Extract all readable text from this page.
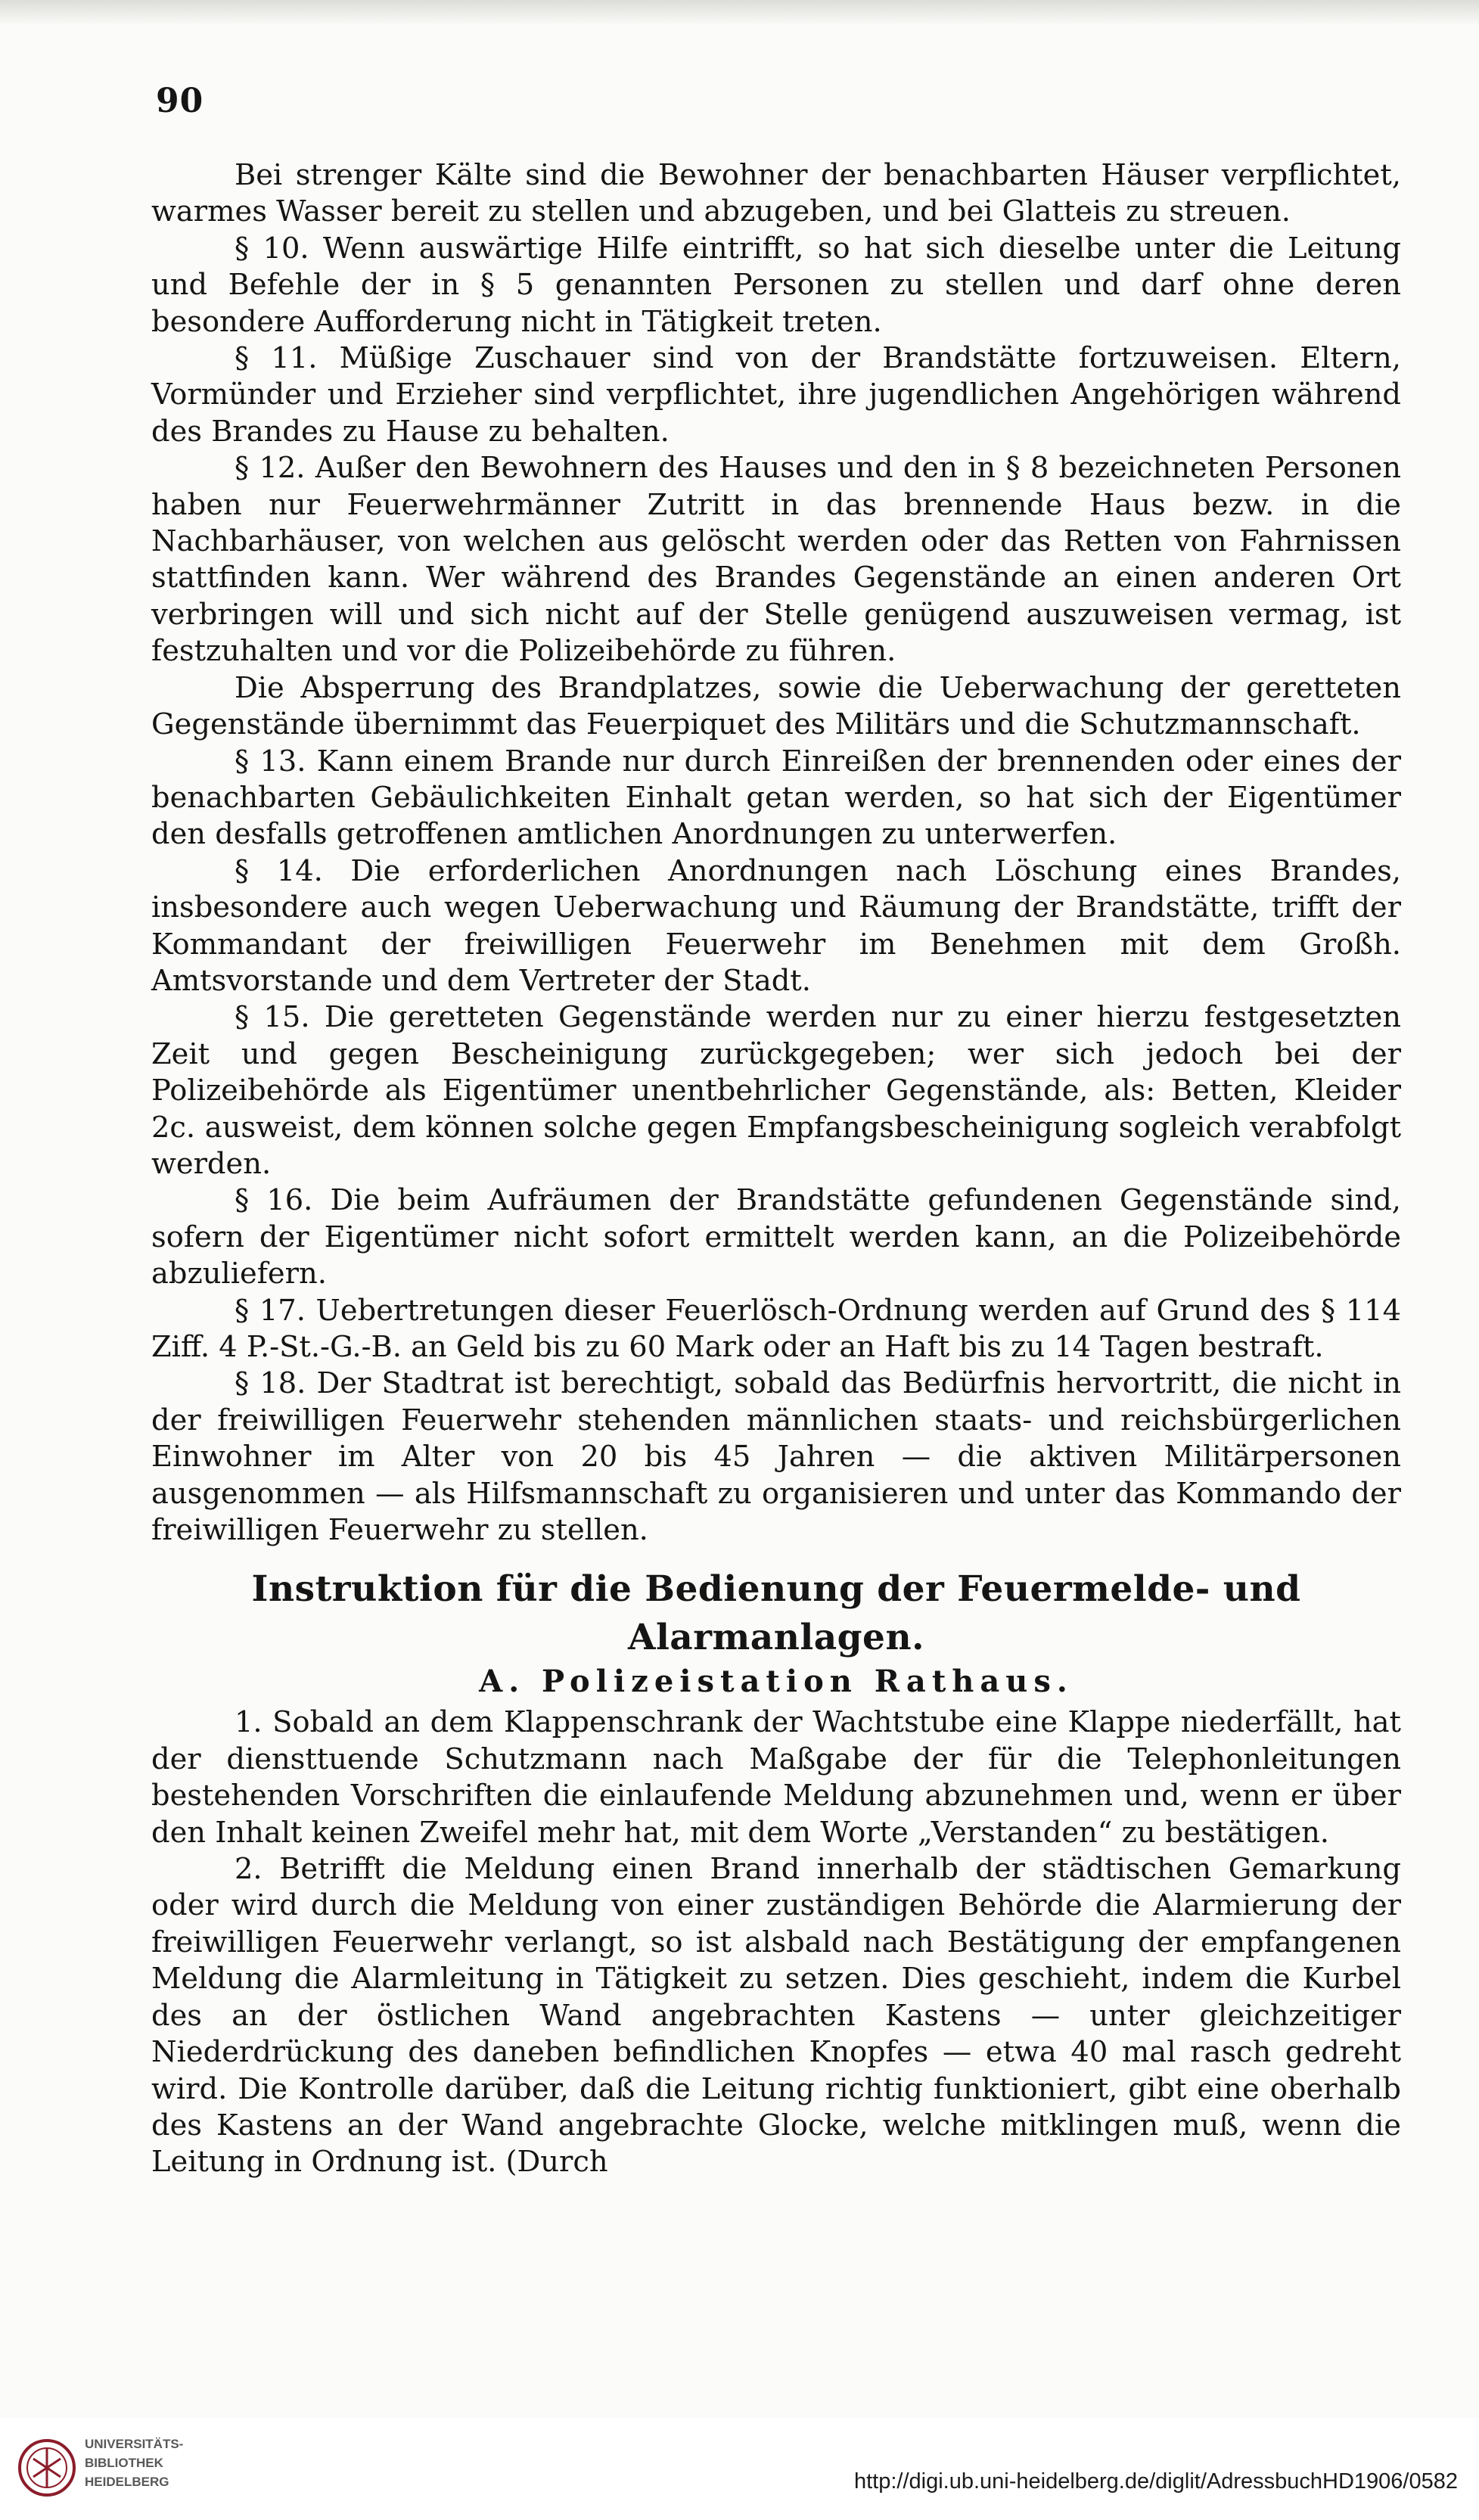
90

Bei strenger Kälte sind die Bewohner der benachbarten Häuser verpflichtet, warmes Wasser bereit zu stellen und abzugeben, und bei Glatteis zu streuen.

§ 10. Wenn auswärtige Hilfe eintrifft, so hat sich dieselbe unter die Leitung und Befehle der in § 5 genannten Personen zu stellen und darf ohne deren besondere Aufforderung nicht in Tätigkeit treten.

§ 11. Müßige Zuschauer sind von der Brandstätte fortzuweisen. Eltern, Vormünder und Erzieher sind verpflichtet, ihre jugendlichen Angehörigen während des Brandes zu Hause zu behalten.

§ 12. Außer den Bewohnern des Hauses und den in § 8 bezeichneten Personen haben nur Feuerwehrmänner Zutritt in das brennende Haus bezw. in die Nachbarhäuser, von welchen aus gelöscht werden oder das Retten von Fahrnissen stattfinden kann. Wer während des Brandes Gegenstände an einen anderen Ort verbringen will und sich nicht auf der Stelle genügend auszuweisen vermag, ist festzuhalten und vor die Polizeibehörde zu führen.

Die Absperrung des Brandplatzes, sowie die Ueberwachung der geretteten Gegenstände übernimmt das Feuerpiquet des Militärs und die Schutzmannschaft.

§ 13. Kann einem Brande nur durch Einreißen der brennenden oder eines der benachbarten Gebäulichkeiten Einhalt getan werden, so hat sich der Eigentümer den desfalls getroffenen amtlichen Anordnungen zu unterwerfen.

§ 14. Die erforderlichen Anordnungen nach Löschung eines Brandes, insbesondere auch wegen Ueberwachung und Räumung der Brandstätte, trifft der Kommandant der freiwilligen Feuerwehr im Benehmen mit dem Großh. Amtsvorstande und dem Vertreter der Stadt.

§ 15. Die geretteten Gegenstände werden nur zu einer hierzu festgesetzten Zeit und gegen Bescheinigung zurückgegeben; wer sich jedoch bei der Polizeibehörde als Eigentümer unentbehrlicher Gegenstände, als: Betten, Kleider 2c. ausweist, dem können solche gegen Empfangsbescheinigung sogleich verabfolgt werden.

§ 16. Die beim Aufräumen der Brandstätte gefundenen Gegenstände sind, sofern der Eigentümer nicht sofort ermittelt werden kann, an die Polizeibehörde abzuliefern.

§ 17. Uebertretungen dieser Feuerlösch-Ordnung werden auf Grund des § 114 Ziff. 4 P.-St.-G.-B. an Geld bis zu 60 Mark oder an Haft bis zu 14 Tagen bestraft.

§ 18. Der Stadtrat ist berechtigt, sobald das Bedürfnis hervortritt, die nicht in der freiwilligen Feuerwehr stehenden männlichen staats- und reichsbürgerlichen Einwohner im Alter von 20 bis 45 Jahren — die aktiven Militärpersonen ausgenommen — als Hilfsmannschaft zu organisieren und unter das Kommando der freiwilligen Feuerwehr zu stellen.

Instruktion für die Bedienung der Feuermelde- und Alarmanlagen.
A. Polizeistation Rathaus.

1. Sobald an dem Klappenschrank der Wachtstube eine Klappe niederfällt, hat der diensttuende Schutzmann nach Maßgabe der für die Telephonleitungen bestehenden Vorschriften die einlaufende Meldung abzunehmen und, wenn er über den Inhalt keinen Zweifel mehr hat, mit dem Worte „Verstanden“ zu bestätigen.

2. Betrifft die Meldung einen Brand innerhalb der städtischen Gemarkung oder wird durch die Meldung von einer zuständigen Behörde die Alarmierung der freiwilligen Feuerwehr verlangt, so ist alsbald nach Bestätigung der empfangenen Meldung die Alarmleitung in Tätigkeit zu setzen. Dies geschieht, indem die Kurbel des an der östlichen Wand angebrachten Kastens — unter gleichzeitiger Niederdrückung des daneben befindlichen Knopfes — etwa 40 mal rasch gedreht wird. Die Kontrolle darüber, daß die Leitung richtig funktioniert, gibt eine oberhalb des Kastens an der Wand angebrachte Glocke, welche mitklingen muß, wenn die Leitung in Ordnung ist. (Durch

UNIVERSITÄTS-
BIBLIOTHEK
HEIDELBERG	http://digi.ub.uni-heidelberg.de/diglit/AdressbuchHD1906/0582
